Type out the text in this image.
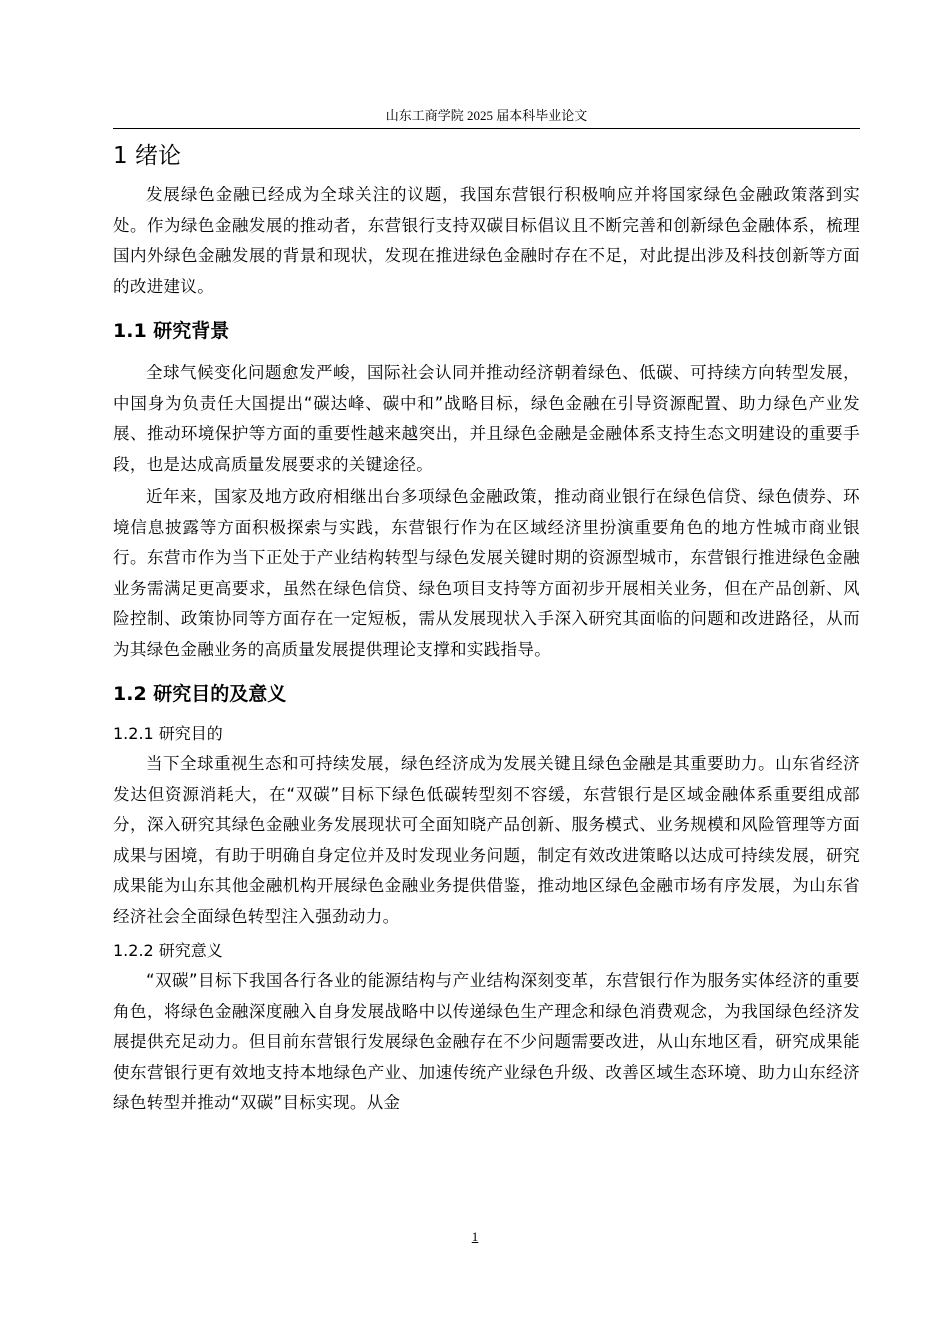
山东工商学院 2025 届本科毕业论文
1 绪论

发展绿色金融已经成为全球关注的议题，我国东营银行积极响应并将国家绿色金融政策落到实处。作为绿色金融发展的推动者，东营银行支持双碳目标倡议且不断完善和创新绿色金融体系，梳理国内外绿色金融发展的背景和现状，发现在推进绿色金融时存在不足，对此提出涉及科技创新等方面的改进建议。

1.1 研究背景

全球气候变化问题愈发严峻，国际社会认同并推动经济朝着绿色、低碳、可持续方向转型发展，中国身为负责任大国提出“碳达峰、碳中和”战略目标，绿色金融在引导资源配置、助力绿色产业发展、推动环境保护等方面的重要性越来越突出，并且绿色金融是金融体系支持生态文明建设的重要手段，也是达成高质量发展要求的关键途径。

近年来，国家及地方政府相继出台多项绿色金融政策，推动商业银行在绿色信贷、绿色债券、环境信息披露等方面积极探索与实践，东营银行作为在区域经济里扮演重要角色的地方性城市商业银行。东营市作为当下正处于产业结构转型与绿色发展关键时期的资源型城市，东营银行推进绿色金融业务需满足更高要求，虽然在绿色信贷、绿色项目支持等方面初步开展相关业务，但在产品创新、风险控制、政策协同等方面存在一定短板，需从发展现状入手深入研究其面临的问题和改进路径，从而为其绿色金融业务的高质量发展提供理论支撑和实践指导。

1.2 研究目的及意义
1.2.1 研究目的

当下全球重视生态和可持续发展，绿色经济成为发展关键且绿色金融是其重要助力。山东省经济发达但资源消耗大，在“双碳”目标下绿色低碳转型刻不容缓，东营银行是区域金融体系重要组成部分，深入研究其绿色金融业务发展现状可全面知晓产品创新、服务模式、业务规模和风险管理等方面成果与困境，有助于明确自身定位并及时发现业务问题，制定有效改进策略以达成可持续发展，研究成果能为山东其他金融机构开展绿色金融业务提供借鉴，推动地区绿色金融市场有序发展，为山东省经济社会全面绿色转型注入强劲动力。

1.2.2 研究意义

“双碳”目标下我国各行各业的能源结构与产业结构深刻变革，东营银行作为服务实体经济的重要角色，将绿色金融深度融入自身发展战略中以传递绿色生产理念和绿色消费观念，为我国绿色经济发展提供充足动力。但目前东营银行发展绿色金融存在不少问题需要改进，从山东地区看，研究成果能使东营银行更有效地支持本地绿色产业、加速传统产业绿色升级、改善区域生态环境、助力山东经济绿色转型并推动“双碳”目标实现。从金

1
